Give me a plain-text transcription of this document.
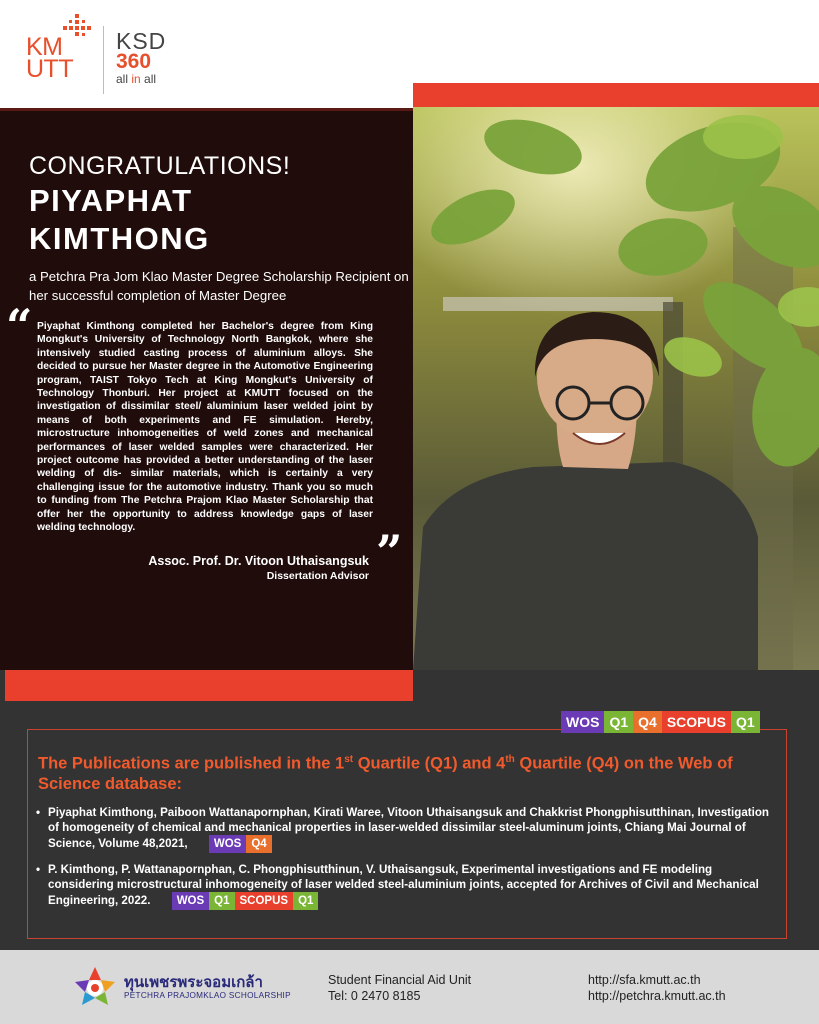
KM
UTT
KSD
360
all in all
CONGRATULATIONS!
PIYAPHAT
KIMTHONG
a Petchra Pra Jom Klao Master Degree Scholarship Recipient on her successful completion of Master Degree
“ Piyaphat Kimthong completed her Bachelor's degree from King Mongkut's University of Technology North Bangkok, where she intensively studied casting process of aluminium alloys. She decided to pursue her Master degree in the Automotive Engineering program, TAIST Tokyo Tech at King Mongkut's University of Technology Thonburi. Her project at KMUTT focused on the investigation of dissimilar steel/ aluminium laser welded joint by means of both experiments and FE simulation. Hereby, microstructure inhomogeneities of weld zones and mechanical performances of laser welded samples were characterized. Her project outcome has provided a better understanding of the laser welding of dis- similar materials, which is certainly a very challenging issue for the automotive industry. Thank you so much to funding from The Petchra Prajom Klao Master Scholarship that offer her the opportunity to address knowledge gaps of laser welding technology.	”
Assoc. Prof. Dr. Vitoon Uthaisangsuk
Dissertation Advisor
WOS Q1 Q4 SCOPUS Q1
The Publications are published in the 1st Quartile (Q1) and 4th Quartile (Q4) on the Web of Science database:
• Piyaphat Kimthong, Paiboon Wattanapornphan, Kirati Waree, Vitoon Uthaisangsuk and Chakkrist Phongphisutthinan, Investigation of homogeneity of chemical and mechanical properties in laser-welded dissimilar steel-aluminum joints, Chiang Mai Journal of Science, Volume 48,2021,	WOS Q4
• P. Kimthong, P. Wattanapornphan, C. Phongphisutthinun, V. Uthaisangsuk, Experimental investigations and FE modeling considering microstructural inhomogeneity of laser welded steel-aluminium joints, accepted for Archives of Civil and Mechanical Engineering, 2022.	WOS Q1 SCOPUS Q1
ทุนเพชรพระจอมเกล้า
PETCHRA PRAJOMKLAO SCHOLARSHIP
Student Financial Aid Unit
Tel: 0 2470 8185
http://sfa.kmutt.ac.th
http://petchra.kmutt.ac.th
